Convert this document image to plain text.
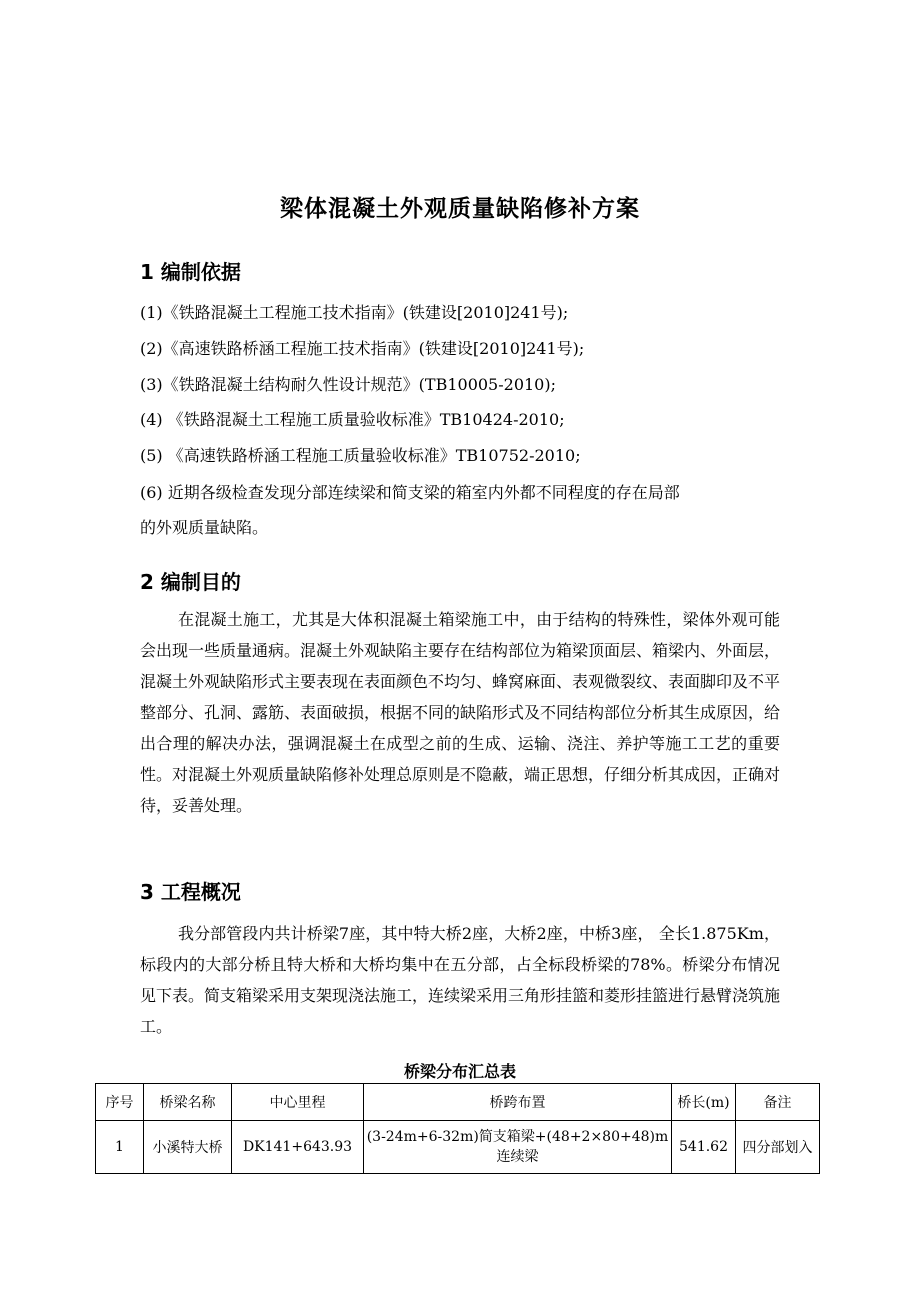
梁体混凝土外观质量缺陷修补方案
1 编制依据
(1)《铁路混凝土工程施工技术指南》(铁建设[2010]241号);
(2)《高速铁路桥涵工程施工技术指南》(铁建设[2010]241号);
(3)《铁路混凝土结构耐久性设计规范》(TB10005-2010);
(4) 《铁路混凝土工程施工质量验收标准》TB10424-2010;
(5) 《高速铁路桥涵工程施工质量验收标准》TB10752-2010;
(6) 近期各级检查发现分部连续梁和简支梁的箱室内外都不同程度的存在局部
的外观质量缺陷。
2 编制目的
在混凝土施工，尤其是大体积混凝土箱梁施工中，由于结构的特殊性，梁体外观可能会出现一些质量通病。混凝土外观缺陷主要存在结构部位为箱梁顶面层、箱梁内、外面层，混凝土外观缺陷形式主要表现在表面颜色不均匀、蜂窝麻面、表观微裂纹、表面脚印及不平整部分、孔洞、露筋、表面破损，根据不同的缺陷形式及不同结构部位分析其生成原因，给出合理的解决办法，强调混凝土在成型之前的生成、运输、浇注、养护等施工工艺的重要性。对混凝土外观质量缺陷修补处理总原则是不隐蔽，端正思想，仔细分析其成因，正确对待，妥善处理。
3 工程概况
我分部管段内共计桥梁7座，其中特大桥2座，大桥2座，中桥3座， 全长1.875Km，标段内的大部分桥且特大桥和大桥均集中在五分部，占全标段桥梁的78%。桥梁分布情况见下表。简支箱梁采用支架现浇法施工，连续梁采用三角形挂篮和菱形挂篮进行悬臂浇筑施工。
桥梁分布汇总表
序号	桥梁名称	中心里程	桥跨布置	桥长(m)	备注
1	小溪特大桥	DK141+643.93	(3-24m+6-32m)简支箱梁+(48+2×80+48)m连续梁	541.62	四分部划入
